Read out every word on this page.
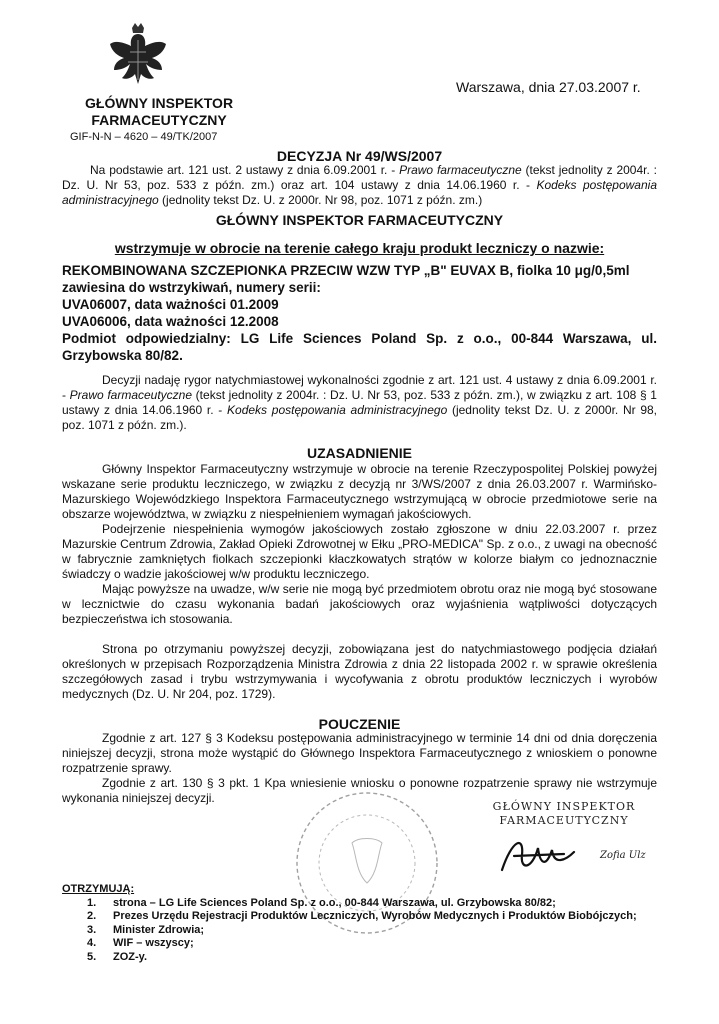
Warszawa, dnia 27.03.2007 r.
GŁÓWNY INSPEKTOR
FARMACEUTYCZNY
GIF-N-N – 4620 – 49/TK/2007
DECYZJA Nr 49/WS/2007
Na podstawie art. 121 ust. 2 ustawy z dnia 6.09.2001 r. - Prawo farmaceutyczne (tekst jednolity z 2004r. : Dz. U. Nr 53, poz. 533 z późn. zm.) oraz art. 104 ustawy z dnia 14.06.1960 r. - Kodeks postępowania administracyjnego (jednolity tekst Dz. U. z 2000r. Nr 98, poz. 1071 z późn. zm.)
GŁÓWNY INSPEKTOR FARMACEUTYCZNY
wstrzymuje w obrocie na terenie całego kraju produkt leczniczy o nazwie:
REKOMBINOWANA SZCZEPIONKA PRZECIW WZW TYP „B" EUVAX B, fiolka 10 μg/0,5ml
zawiesina do wstrzykiwań, numery serii:
UVA06007, data ważności 01.2009
UVA06006, data ważności 12.2008
Podmiot odpowiedzialny: LG Life Sciences Poland Sp. z o.o., 00-844 Warszawa, ul. Grzybowska 80/82.
Decyzji nadaję rygor natychmiastowej wykonalności zgodnie z art. 121 ust. 4 ustawy z dnia 6.09.2001 r. - Prawo farmaceutyczne (tekst jednolity z 2004r. : Dz. U. Nr 53, poz. 533 z późn. zm.), w związku z art. 108 § 1 ustawy z dnia 14.06.1960 r. - Kodeks postępowania administracyjnego (jednolity tekst Dz. U. z 2000r. Nr 98, poz. 1071 z późn. zm.).
UZASADNIENIE

Główny Inspektor Farmaceutyczny wstrzymuje w obrocie na terenie Rzeczypospolitej Polskiej powyżej wskazane serie produktu leczniczego, w związku z decyzją nr 3/WS/2007 z dnia 26.03.2007 r. Warmińsko-Mazurskiego Wojewódzkiego Inspektora Farmaceutycznego wstrzymującą w obrocie przedmiotowe serie na obszarze województwa, w związku z niespełnieniem wymagań jakościowych.

Podejrzenie niespełnienia wymogów jakościowych zostało zgłoszone w dniu 22.03.2007 r. przez Mazurskie Centrum Zdrowia, Zakład Opieki Zdrowotnej w Ełku „PRO-MEDICA" Sp. z o.o., z uwagi na obecność w fabrycznie zamkniętych fiolkach szczepionki kłaczkowatych strątów w kolorze białym co jednoznacznie świadczy o wadzie jakościowej w/w produktu leczniczego.

Mając powyższe na uwadze, w/w serie nie mogą być przedmiotem obrotu oraz nie mogą być stosowane w lecznictwie do czasu wykonania badań jakościowych oraz wyjaśnienia wątpliwości dotyczących bezpieczeństwa ich stosowania.

Strona po otrzymaniu powyższej decyzji, zobowiązana jest do natychmiastowego podjęcia działań określonych w przepisach Rozporządzenia Ministra Zdrowia z dnia 22 listopada 2002 r. w sprawie określenia szczegółowych zasad i trybu wstrzymywania i wycofywania z obrotu produktów leczniczych i wyrobów medycznych (Dz. U. Nr 204, poz. 1729).

POUCZENIE

Zgodnie z art. 127 § 3 Kodeksu postępowania administracyjnego w terminie 14 dni od dnia doręczenia niniejszej decyzji, strona może wystąpić do Głównego Inspektora Farmaceutycznego z wnioskiem o ponowne rozpatrzenie sprawy.

Zgodnie z art. 130 § 3 pkt. 1 Kpa wniesienie wniosku o ponowne rozpatrzenie sprawy nie wstrzymuje wykonania niniejszej decyzji.

GŁÓWNY INSPEKTOR
FARMACEUTYCZNY
Zofia Ulz
OTRZYMUJĄ:
1.	strona – LG Life Sciences Poland Sp. z o.o., 00-844 Warszawa, ul. Grzybowska 80/82;
2.	Prezes Urzędu Rejestracji Produktów Leczniczych, Wyrobów Medycznych i Produktów Biobójczych;
3.	Minister Zdrowia;
4.	WIF – wszyscy;
5.	ZOZ-y.
